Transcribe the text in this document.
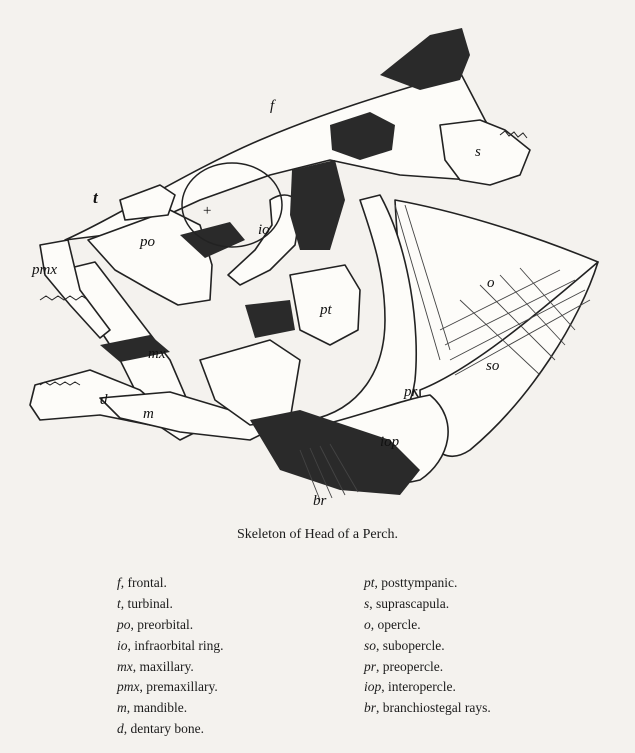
f
t
+
po
io
pmx
mx
d
m
pt
s
o
so
pr
iop
br
Skeleton of Head of a Perch.
f, frontal.
t, turbinal.
po, preorbital.
io, infraorbital ring.
mx, maxillary.
pmx, premaxillary.
m, mandible.
d, dentary bone.
pt, posttympanic.
s, suprascapula.
o, opercle.
so, subopercle.
pr, preopercle.
iop, interopercle.
br, branchiostegal rays.
